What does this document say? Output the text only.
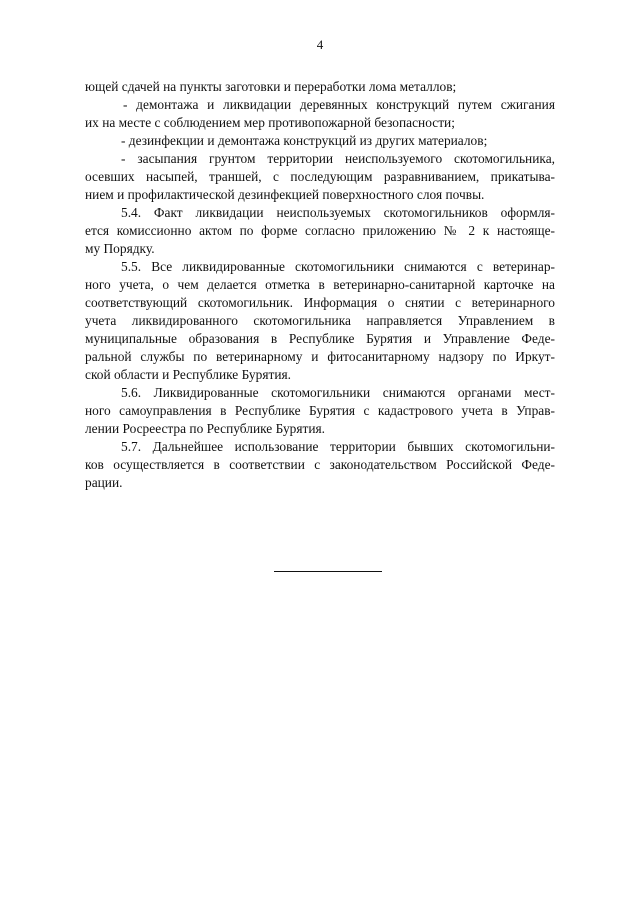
4
ющей сдачей на пункты заготовки и переработки лома металлов;
- демонтажа и ликвидации деревянных конструкций путем сжигания
их на месте с соблюдением мер противопожарной безопасности;
- дезинфекции и демонтажа конструкций из других материалов;
- засыпания грунтом территории неиспользуемого скотомогильника,
осевших насыпей, траншей, с последующим разравниванием, прикатыва-
нием и профилактической дезинфекцией поверхностного слоя почвы.
5.4. Факт ликвидации неиспользуемых скотомогильников оформля-
ется комиссионно актом по форме согласно приложению № 2 к настояще-
му Порядку.
5.5. Все ликвидированные скотомогильники снимаются с ветеринар-
ного учета, о чем делается отметка в ветеринарно-санитарной карточке на
соответствующий скотомогильник. Информация о снятии с ветеринарного
учета ликвидированного скотомогильника направляется Управлением в
муниципальные образования в Республике Бурятия и Управление Федe-
ральной службы по ветеринарному и фитосанитарному надзору по Иркут-
ской области и Республике Бурятия.
5.6. Ликвидированные скотомогильники снимаются органами мест-
ного самоуправления в Республике Бурятия с кадастрового учета в Управ-
лении Росреестра по Республике Бурятия.
5.7. Дальнейшее использование территории бывших скотомогильни-
ков осуществляется в соответствии с законодательством Российской Феде-
рации.
